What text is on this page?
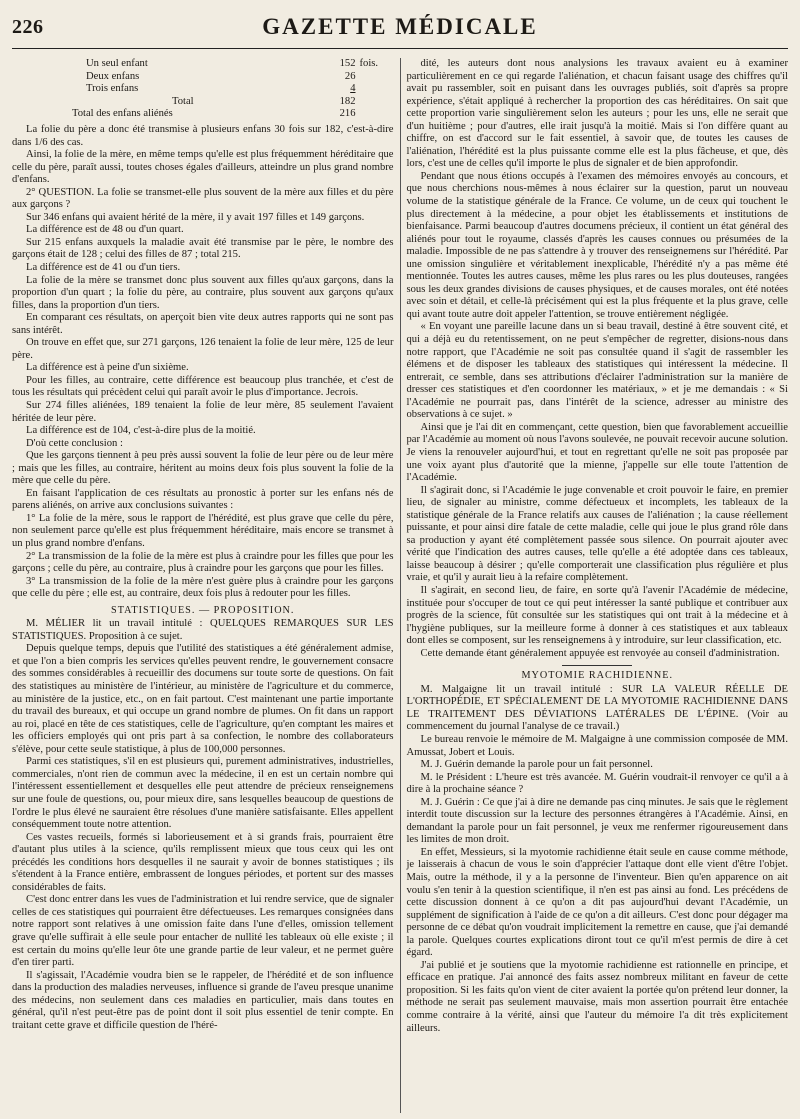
226	GAZETTE MÉDICALE
Un seul enfant	152 fois.
Deux enfans	26
Trois enfans	4
Total	182
Total des enfans aliénés	216

La folie du père a donc été transmise à plusieurs enfans 30 fois sur 182, c'est-à-dire dans 1/6 des cas.

Ainsi, la folie de la mère, en même temps qu'elle est plus fréquemment héréditaire que celle du père, paraît aussi, toutes choses égales d'ailleurs, atteindre un plus grand nombre d'enfans.

2° QUESTION. La folie se transmet-elle plus souvent de la mère aux filles et du père aux garçons ?

Sur 346 enfans qui avaient hérité de la mère, il y avait 197 filles et 149 garçons.

La différence est de 48 ou d'un quart.

Sur 215 enfans auxquels la maladie avait été transmise par le père, le nombre des garçons était de 128 ; celui des filles de 87 ; total 215.

La différence est de 41 ou d'un tiers.

La folie de la mère se transmet donc plus souvent aux filles qu'aux garçons, dans la proportion d'un quart ; la folie du père, au contraire, plus souvent aux garçons qu'aux filles, dans la proportion d'un tiers.

En comparant ces résultats, on aperçoit bien vite deux autres rapports qui ne sont pas sans intérêt.

On trouve en effet que, sur 271 garçons, 126 tenaient la folie de leur mère, 125 de leur père.

La différence est à peine d'un sixième.

Pour les filles, au contraire, cette différence est beaucoup plus tranchée, et c'est de tous les résultats qui précèdent celui qui paraît avoir le plus d'importance. Jecrois.

Sur 274 filles aliénées, 189 tenaient la folie de leur mère, 85 seulement l'avaient héritée de leur père.

La différence est de 104, c'est-à-dire plus de la moitié.

D'où cette conclusion :

Que les garçons tiennent à peu près aussi souvent la folie de leur père ou de leur mère ; mais que les filles, au contraire, héritent au moins deux fois plus souvent la folie de la mère que celle du père.

En faisant l'application de ces résultats au pronostic à porter sur les enfans nés de parens aliénés, on arrive aux conclusions suivantes :

1° La folie de la mère, sous le rapport de l'hérédité, est plus grave que celle du père, non seulement parce qu'elle est plus fréquemment héréditaire, mais encore se transmet à un plus grand nombre d'enfans.

2° La transmission de la folie de la mère est plus à craindre pour les filles que pour les garçons ; celle du père, au contraire, plus à craindre pour les garçons que pour les filles.

3° La transmission de la folie de la mère n'est guère plus à craindre pour les garçons que celle du père ; elle est, au contraire, deux fois plus à redouter pour les filles.

STATISTIQUES. — PROPOSITION.

M. MÉLIER lit un travail intitulé : QUELQUES REMARQUES SUR LES STATISTIQUES. Proposition à ce sujet.

Depuis quelque temps, depuis que l'utilité des statistiques a été généralement admise, et que l'on a bien compris les services qu'elles peuvent rendre, le gouvernement consacre des sommes considérables à recueillir des documens sur toute sorte de questions. On fait des statistiques au ministère de l'intérieur, au ministère de l'agriculture et du commerce, au ministère de la justice, etc., on en fait partout. C'est maintenant une partie importante du travail des bureaux, et qui occupe un grand nombre de plumes. On fit dans un rapport au roi, placé en tête de ces statistiques, celle de l'agriculture, qu'en comptant les maires et les officiers employés qui ont pris part à sa confection, le nombre des collaborateurs s'élève, pour cette seule statistique, à plus de 100,000 personnes.

Parmi ces statistiques, s'il en est plusieurs qui, purement administratives, industrielles, commerciales, n'ont rien de commun avec la médecine, il en est un certain nombre qui l'intéressent essentiellement et desquelles elle peut attendre de précieux renseignemens sur une foule de questions, ou, pour mieux dire, sans lesquelles beaucoup de questions de l'ordre le plus élevé ne sauraient être résolues d'une manière satisfaisante. Elles appellent conséquemment toute notre attention.

Ces vastes recueils, formés si laborieusement et à si grands frais, pourraient être d'autant plus utiles à la science, qu'ils remplissent mieux que tous ceux qui les ont précédés les conditions hors desquelles il ne saurait y avoir de bonnes statistiques ; ils s'étendent à la France entière, embrassent de longues périodes, et portent sur des masses considérables de faits.

C'est donc entrer dans les vues de l'administration et lui rendre service, que de signaler celles de ces statistiques qui pourraient être défectueuses. Les remarques consignées dans notre rapport sont relatives à une omission faite dans l'une d'elles, omission tellement grave qu'elle suffirait à elle seule pour entacher de nullité les tableaux où elle existe ; il est certain du moins qu'elle leur ôte une grande partie de leur valeur, et ne permet guère d'en tirer parti.

Il s'agissait, l'Académie voudra bien se le rappeler, de l'hérédité et de son influence dans la production des maladies nerveuses, influence si grande de l'aveu presque unanime des médecins, non seulement dans ces maladies en particulier, mais dans toutes en général, qu'il n'est peut-être pas de point dont il soit plus essentiel de tenir compte. En traitant cette grave et difficile question de l'héré-

dité, les auteurs dont nous analysions les travaux avaient eu à examiner particulièrement en ce qui regarde l'aliénation, et chacun faisant usage des chiffres qu'il avait pu rassembler, soit en puisant dans les ouvrages publiés, soit d'après sa propre expérience, s'était appliqué à rechercher la proportion des cas héréditaires. On sait que cette proportion varie singulièrement selon les auteurs ; pour les uns, elle ne serait que d'un huitième ; pour d'autres, elle irait jusqu'à la moitié. Mais si l'on diffère quant au chiffre, on est d'accord sur le fait essentiel, à savoir que, de toutes les causes de l'aliénation, l'hérédité est la plus puissante comme elle est la plus fâcheuse, et que, dès lors, c'est une de celles qu'il importe le plus de signaler et de bien approfondir.

Pendant que nous étions occupés à l'examen des mémoires envoyés au concours, et que nous cherchions nous-mêmes à nous éclairer sur la question, parut un nouveau volume de la statistique générale de la France. Ce volume, un de ceux qui touchent le plus directement à la médecine, a pour objet les établissements et institutions de bienfaisance. Parmi beaucoup d'autres documens précieux, il contient un état général des aliénés pour tout le royaume, classés d'après les causes connues ou présumées de la maladie. Impossible de ne pas s'attendre à y trouver des renseignemens sur l'hérédité. Par une omission singulière et véritablement inexplicable, l'hérédité n'y a pas même été mentionnée. Toutes les autres causes, même les plus rares ou les plus douteuses, rangées sous les deux grandes divisions de causes physiques, et de causes morales, ont été notées avec soin et détail, et celle-là précisément qui est la plus fréquente et la plus grave, celle qui avant toute autre doit appeler l'attention, se trouve entièrement négligée.

« En voyant une pareille lacune dans un si beau travail, destiné à être souvent cité, et qui a déjà eu du retentissement, on ne peut s'empêcher de regretter, disions-nous dans notre rapport, que l'Académie ne soit pas consultée quand il s'agit de rassembler les élémens et de disposer les tableaux des statistiques qui intéressent la médecine. Il entrerait, ce semble, dans ses attributions d'éclairer l'administration sur la manière de dresser ces statistiques et d'en coordonner les matériaux, » et je me demandais : « Si l'Académie ne pourrait pas, dans l'intérêt de la science, adresser au ministre des observations à ce sujet. »

Ainsi que je l'ai dit en commençant, cette question, bien que favorablement accueillie par l'Académie au moment où nous l'avons soulevée, ne pouvait recevoir aucune solution. Je viens la renouveler aujourd'hui, et tout en regrettant qu'elle ne soit pas proposée par une voix ayant plus d'autorité que la mienne, j'appelle sur elle toute l'attention de l'Académie.

Il s'agirait donc, si l'Académie le juge convenable et croit pouvoir le faire, en premier lieu, de signaler au ministre, comme défectueux et incomplets, les tableaux de la statistique générale de la France relatifs aux causes de l'aliénation ; la cause réellement puissante, et pour ainsi dire fatale de cette maladie, celle qui joue le plus grand rôle dans sa production y ayant été complètement passée sous silence. On pourrait ajouter avec vérité que l'indication des autres causes, telle qu'elle a été adoptée dans ces tableaux, laisse beaucoup à désirer ; qu'elle comporterait une classification plus régulière et plus vraie, et qu'il y aurait lieu à la refaire complètement.

Il s'agirait, en second lieu, de faire, en sorte qu'à l'avenir l'Académie de médecine, instituée pour s'occuper de tout ce qui peut intéresser la santé publique et contribuer aux progrès de la science, fût consultée sur les statistiques qui ont trait à la médecine et à l'hygiène publiques, sur la meilleure forme à donner à ces statistiques et aux tableaux dont elles se composent, sur les renseignemens à y introduire, sur leur classification, etc.

Cette demande étant généralement appuyée est renvoyée au conseil d'administration.

MYOTOMIE RACHIDIENNE.

M. Malgaigne lit un travail intitulé : SUR LA VALEUR RÉELLE DE L'ORTHOPÉDIE, ET SPÉCIALEMENT DE LA MYOTOMIE RACHIDIENNE DANS LE TRAITEMENT DES DÉVIATIONS LATÉRALES DE L'ÉPINE. (Voir au commencement du journal l'analyse de ce travail.)

Le bureau renvoie le mémoire de M. Malgaigne à une commission composée de MM. Amussat, Jobert et Louis.

M. J. Guérin demande la parole pour un fait personnel.

M. le Président : L'heure est très avancée. M. Guérin voudrait-il renvoyer ce qu'il a à dire à la prochaine séance ?

M. J. Guérin : Ce que j'ai à dire ne demande pas cinq minutes. Je sais que le règlement interdit toute discussion sur la lecture des personnes étrangères à l'Académie. Ainsi, en demandant la parole pour un fait personnel, je veux me renfermer rigoureusement dans les limites de mon droit.

En effet, Messieurs, si la myotomie rachidienne était seule en cause comme méthode, je laisserais à chacun de vous le soin d'apprécier l'attaque dont elle vient d'être l'objet. Mais, outre la méthode, il y a la personne de l'inventeur. Bien qu'en apparence on ait voulu s'en tenir à la question scientifique, il n'en est pas ainsi au fond. Les précédens de cette discussion donnent à ce qu'on a dit pas aujourd'hui devant l'Académie, un supplément de signification à l'aide de ce qu'on a dit ailleurs. C'est donc pour dégager ma personne de ce débat qu'on voudrait implicitement la remettre en cause, que j'ai demandé la parole. Quelques courtes explications diront tout ce qu'il m'est permis de dire à cet égard.

J'ai publié et je soutiens que la myotomie rachidienne est rationnelle en principe, et efficace en pratique. J'ai annoncé des faits assez nombreux militant en faveur de cette proposition. Si les faits qu'on vient de citer avaient la portée qu'on prétend leur donner, la méthode ne serait pas seulement mauvaise, mais mon assertion pourrait être entachée comme contraire à la vérité, ainsi que l'auteur du mémoire l'a dit très explicitement ailleurs.
